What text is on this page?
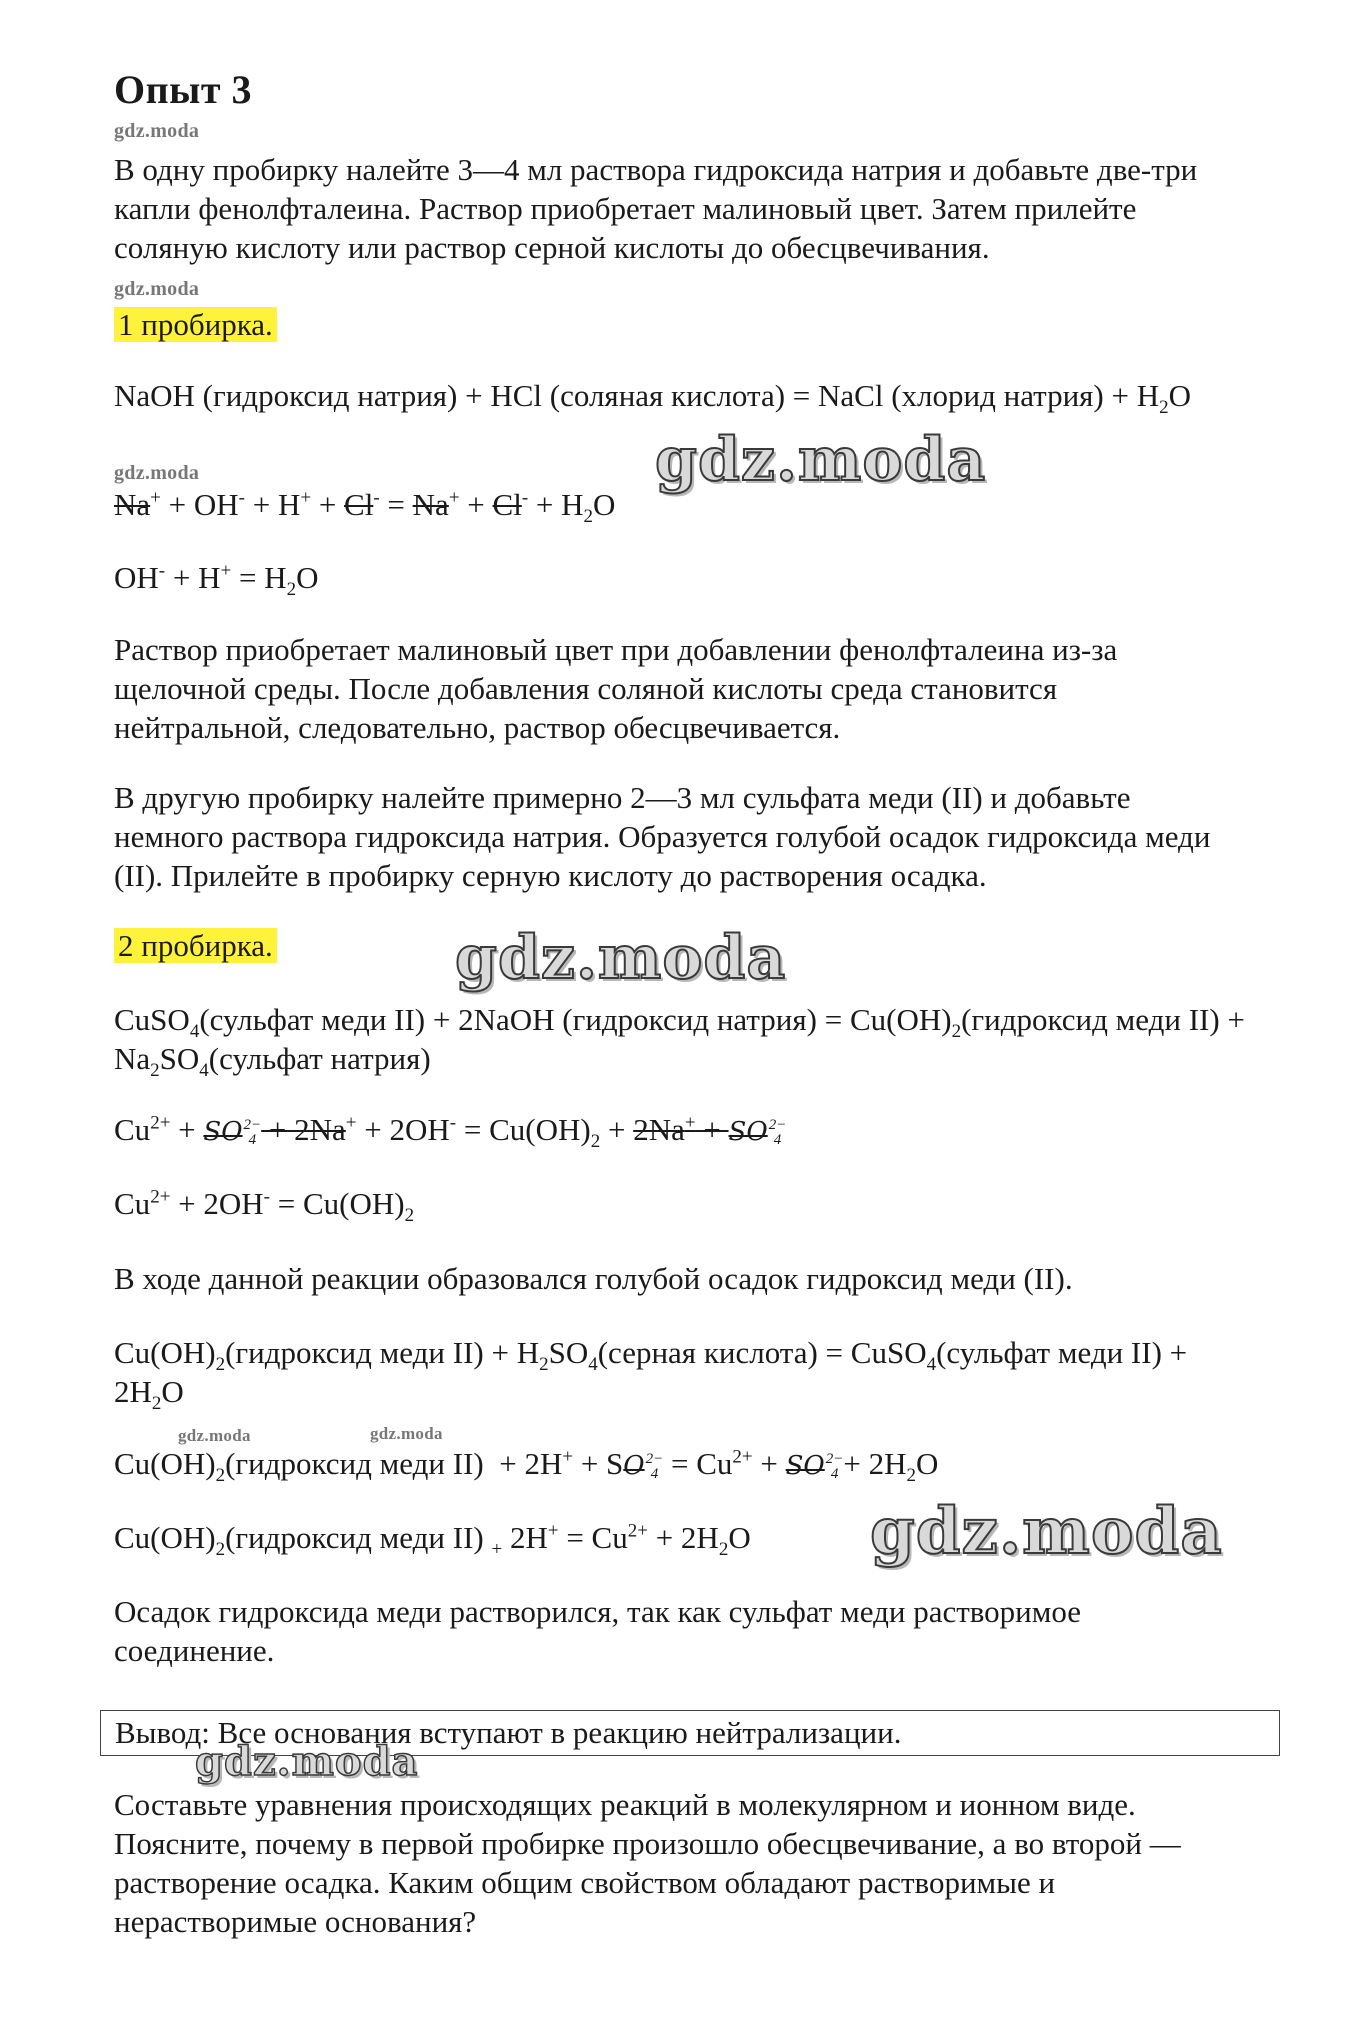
Опыт 3
gdz.moda
gdz.moda
gdz.moda
gdz.moda	gdz.moda
В одну пробирку налейте 3—4 мл раствора гидроксида натрия и добавьте две-три капли фенолфталеина. Раствор приобретает малиновый цвет. Затем прилейте соляную кислоту или раствор серной кислоты до обесцвечивания.
1 пробирка.
NaOH (гидроксид натрия) + HCl (соляная кислота) = NaCl (хлорид натрия) + $H_2O$
$Na^+ + OH^- + H^+ + Cl^- = Na^+ + Cl^- + H_2O$
$OH^- + H^+ = H_2O$
Раствор приобретает малиновый цвет при добавлении фенолфталеина из-за щелочной среды. После добавления соляной кислоты среда становится нейтральной, следовательно, раствор обесцвечивается.
В другую пробирку налейте примерно 2—3 мл сульфата меди (II) и добавьте немного раствора гидроксида натрия. Образуется голубой осадок гидроксида меди (II). Прилейте в пробирку серную кислоту до растворения осадка.
2 пробирка.
CuSO$_4$(сульфат меди II) + 2NaOH (гидроксид натрия) = $Cu(OH)_2(гидроксид$ меди $II) + Na_2SO_4(сульфат$ натрия)
$Cu^{2+}$ + SO 2−
$4 + 2Na^+ + 2OH^- = Cu(OH)_2 + 2Na^+$ + SO 2−
4
$Cu^{2+} + 2OH^- = Cu(OH)_2$
В ходе данной реакции образовался голубой осадок гидроксид меди (II).
$Cu(OH)_2(гидроксид$ меди $II) + H_2SO_4(серная$ кислота) = CuSO$_4$(сульфат меди $II) + 2H_2O$
$Cu(OH)_2(гидроксид$ меди II)  + 2H+ + SO 2−
$4 = Cu^{2+}$ + SO 2−
$4 + 2H_2O$
$Cu(OH)_2(гидроксид$ меди II) $_+$ $2H^+ = Cu^{2+} + 2H_2O$
Осадок гидроксида меди растворился, так как сульфат меди растворимое соединение.
Вывод: Все основания вступают в реакцию нейтрализации.
Составьте уравнения происходящих реакций в молекулярном и ионном виде. Поясните, почему в первой пробирке произошло обесцвечивание, а во второй — растворение осадка. Каким общим свойством обладают растворимые и нерастворимые основания?
gdz.moda
gdz.moda
gdz.moda
gdz.moda
